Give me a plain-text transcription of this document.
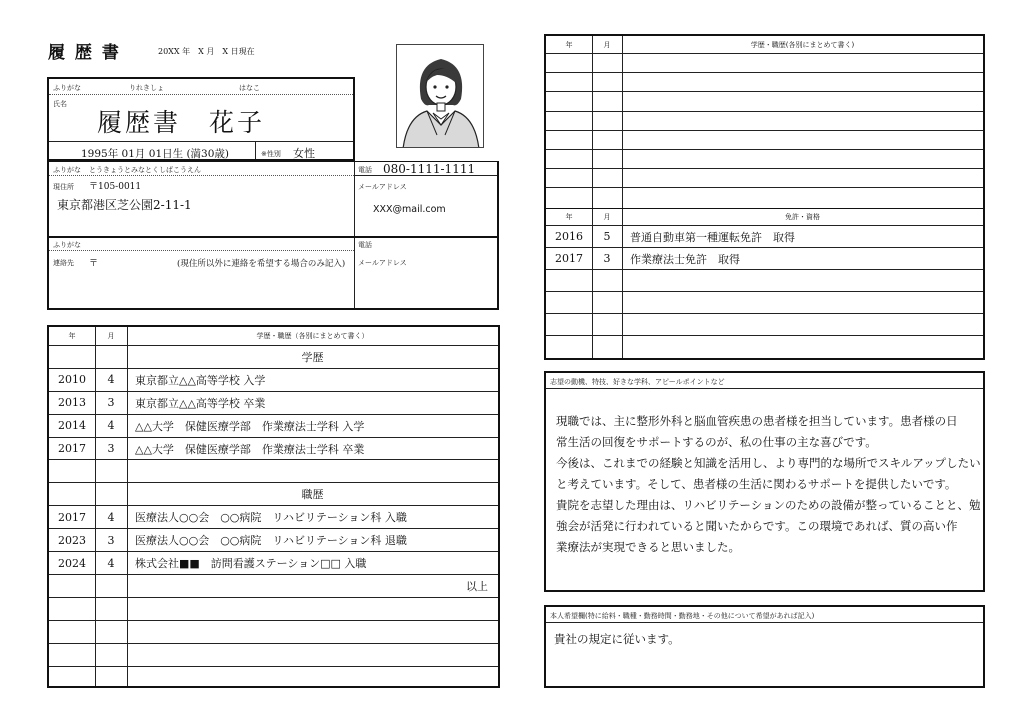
履 歴 書	20XX 年　X 月　X 日現在
ふりがな	りれきしょ	はなこ
氏名
履歴書　花子
1995年 01月 01日生 (満30歳)	※性別 女性
ふりがな とうきょうとみなとくしばこうえん
現住所 〒105-0011
東京都港区芝公園2-11-1
電話 080-1111-1111
メールアドレス
XXX@mail.com
ふりがな
連絡先 〒	(現住所以外に連絡を希望する場合のみ記入)
電話
メールアドレス
年	月	学歴・職歴（各別にまとめて書く）
学歴
2010	4	東京都立△△高等学校 入学
2013	3	東京都立△△高等学校 卒業
2014	4	△△大学　保健医療学部　作業療法士学科 入学
2017	3	△△大学　保健医療学部　作業療法士学科 卒業
職歴
2017	4	医療法人○○会　○○病院　リハビリテーション科 入職
2023	3	医療法人○○会　○○病院　リハビリテーション科 退職
2024	4	株式会社■■　訪問看護ステーション□□ 入職
以上
年	月	学歴・職歴(各別にまとめて書く)
年	月	免許・資格
2016	5	普通自動車第一種運転免許　取得
2017	3	作業療法士免許　取得
志望の動機、特技、好きな学科、アピールポイントなど
現職では、主に整形外科と脳血管疾患の患者様を担当しています。患者様の日
常生活の回復をサポートするのが、私の仕事の主な喜びです。
今後は、これまでの経験と知識を活用し、より専門的な場所でスキルアップしたい
と考えています。そして、患者様の生活に関わるサポートを提供したいです。
貴院を志望した理由は、リハビリテーションのための設備が整っていることと、勉
強会が活発に行われていると聞いたからです。この環境であれば、質の高い作
業療法が実現できると思いました。
本人希望欄(特に給料・職種・勤務時間・勤務地・その他について希望があれば記入)
貴社の規定に従います。
